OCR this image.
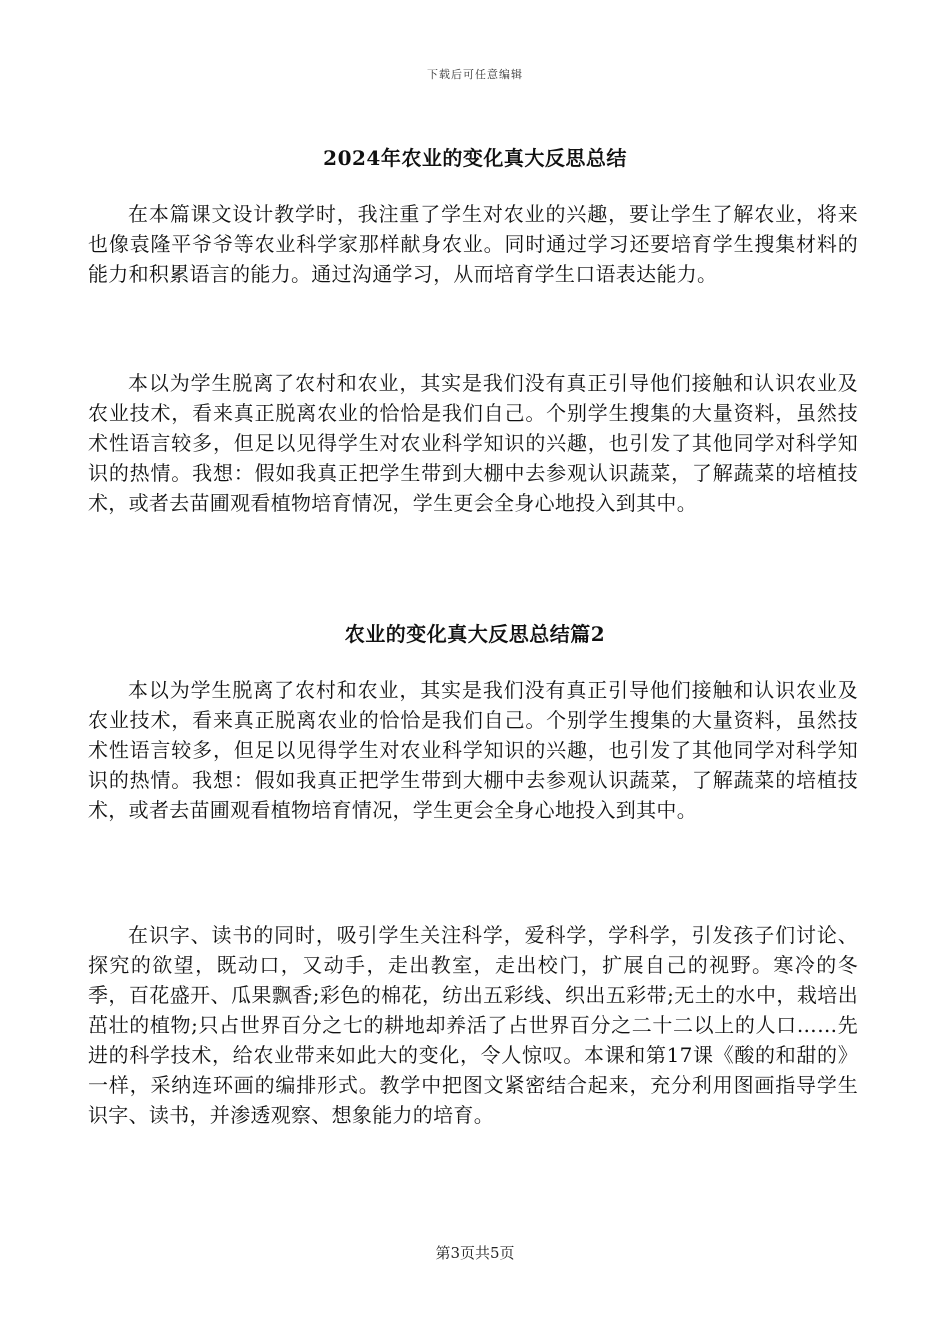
下载后可任意编辑
2024年农业的变化真大反思总结

在本篇课文设计教学时，我注重了学生对农业的兴趣，要让学生了解农业，将来也像袁隆平爷爷等农业科学家那样献身农业。同时通过学习还要培育学生搜集材料的能力和积累语言的能力。通过沟通学习，从而培育学生口语表达能力。

本以为学生脱离了农村和农业，其实是我们没有真正引导他们接触和认识农业及农业技术，看来真正脱离农业的恰恰是我们自己。个别学生搜集的大量资料，虽然技术性语言较多，但足以见得学生对农业科学知识的兴趣，也引发了其他同学对科学知识的热情。我想：假如我真正把学生带到大棚中去参观认识蔬菜，了解蔬菜的培植技术，或者去苗圃观看植物培育情况，学生更会全身心地投入到其中。

农业的变化真大反思总结篇2

本以为学生脱离了农村和农业，其实是我们没有真正引导他们接触和认识农业及农业技术，看来真正脱离农业的恰恰是我们自己。个别学生搜集的大量资料，虽然技术性语言较多，但足以见得学生对农业科学知识的兴趣，也引发了其他同学对科学知识的热情。我想：假如我真正把学生带到大棚中去参观认识蔬菜，了解蔬菜的培植技术，或者去苗圃观看植物培育情况，学生更会全身心地投入到其中。

在识字、读书的同时，吸引学生关注科学，爱科学，学科学，引发孩子们讨论、探究的欲望，既动口，又动手，走出教室，走出校门，扩展自己的视野。寒冷的冬季，百花盛开、瓜果飘香;彩色的棉花，纺出五彩线、织出五彩带;无土的水中，栽培出茁壮的植物;只占世界百分之七的耕地却养活了占世界百分之二十二以上的人口……先进的科学技术，给农业带来如此大的变化，令人惊叹。本课和第17课《酸的和甜的》一样，采纳连环画的编排形式。教学中把图文紧密结合起来，充分利用图画指导学生识字、读书，并渗透观察、想象能力的培育。

第3页共5页
